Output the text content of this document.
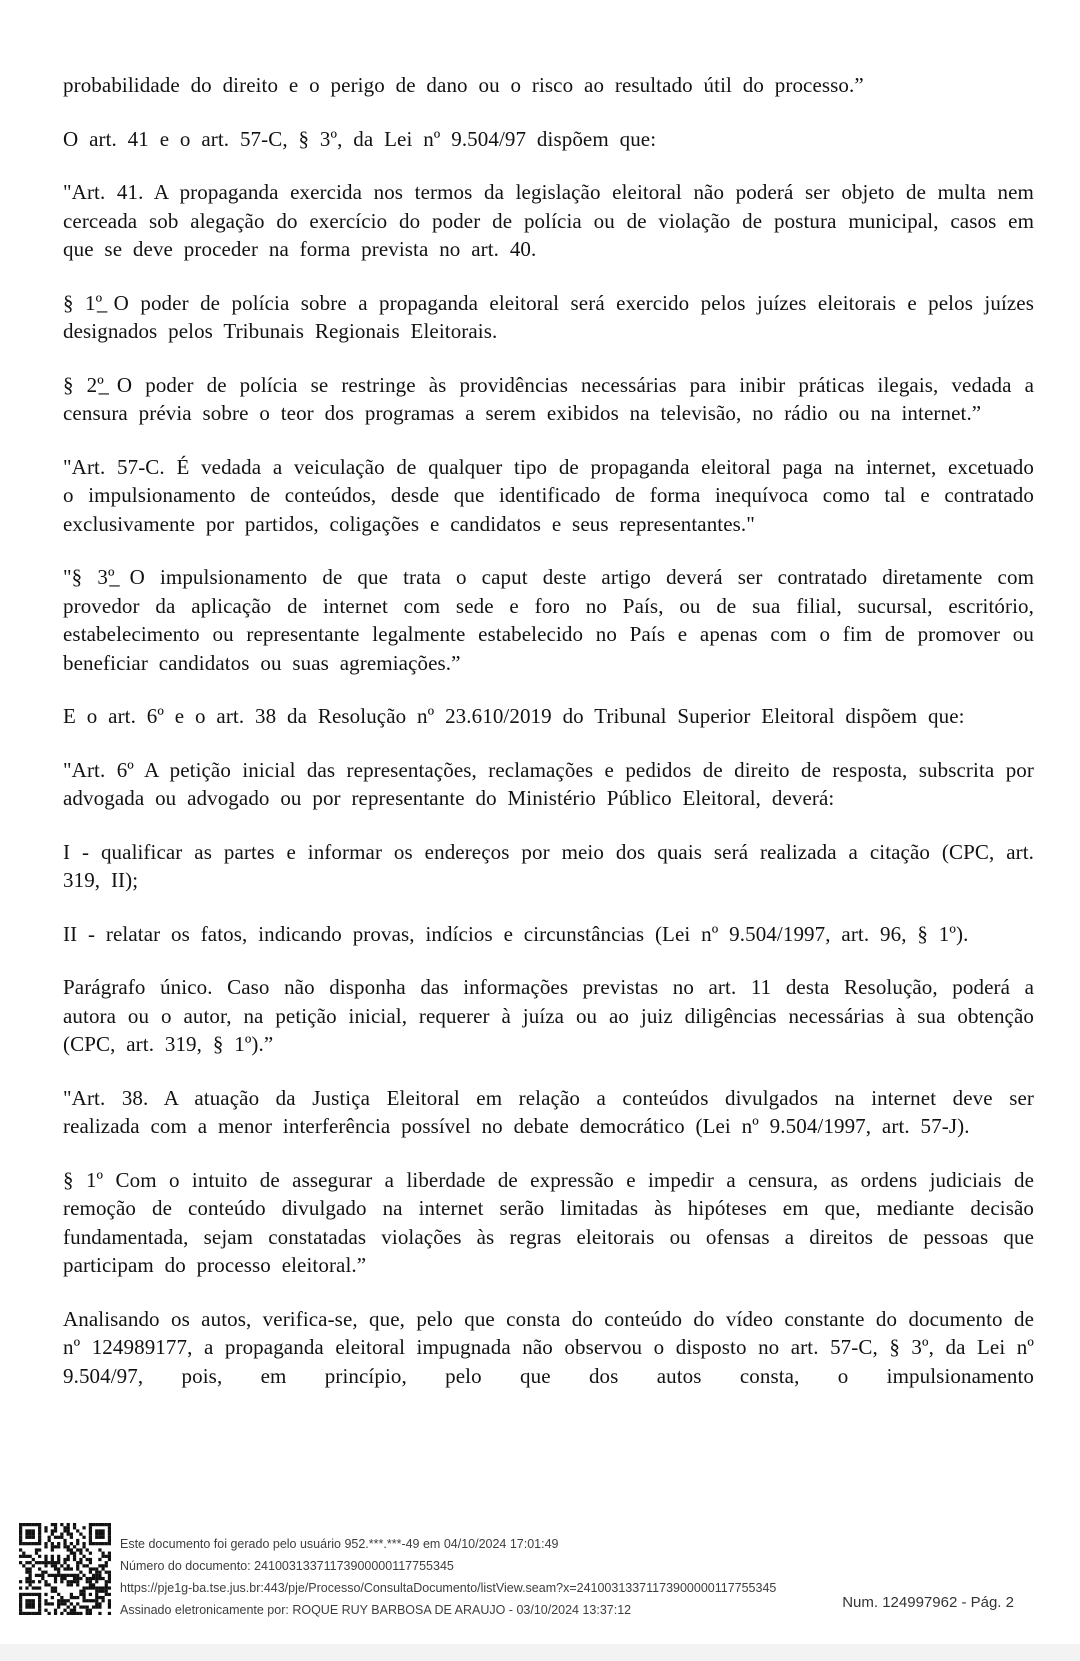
probabilidade do direito e o perigo de dano ou o risco ao resultado útil do processo.”

O art. 41 e o art. 57-C, § 3º, da Lei nº 9.504/97 dispõem que:

"Art. 41. A propaganda exercida nos termos da legislação eleitoral não poderá ser objeto de multa nem cerceada sob alegação do exercício do poder de polícia ou de violação de postura municipal, casos em que se deve proceder na forma prevista no art. 40.

§ 1º̲ O poder de polícia sobre a propaganda eleitoral será exercido pelos juízes eleitorais e pelos juízes designados pelos Tribunais Regionais Eleitorais.

§ 2º̲ O poder de polícia se restringe às providências necessárias para inibir práticas ilegais, vedada a censura prévia sobre o teor dos programas a serem exibidos na televisão, no rádio ou na internet.”

"Art. 57-C. É vedada a veiculação de qualquer tipo de propaganda eleitoral paga na internet, excetuado o impulsionamento de conteúdos, desde que identificado de forma inequívoca como tal e contratado exclusivamente por partidos, coligações e candidatos e seus representantes."

"§ 3º̲ O impulsionamento de que trata o caput deste artigo deverá ser contratado diretamente com provedor da aplicação de internet com sede e foro no País, ou de sua filial, sucursal, escritório, estabelecimento ou representante legalmente estabelecido no País e apenas com o fim de promover ou beneficiar candidatos ou suas agremiações.”

E o art. 6º e o art. 38 da Resolução nº 23.610/2019 do Tribunal Superior Eleitoral dispõem que:

"Art. 6º A petição inicial das representações, reclamações e pedidos de direito de resposta, subscrita por advogada ou advogado ou por representante do Ministério Público Eleitoral, deverá:

I - qualificar as partes e informar os endereços por meio dos quais será realizada a citação (CPC, art. 319, II);

II - relatar os fatos, indicando provas, indícios e circunstâncias (Lei nº 9.504/1997, art. 96, § 1º).

Parágrafo único. Caso não disponha das informações previstas no art. 11 desta Resolução, poderá a autora ou o autor, na petição inicial, requerer à juíza ou ao juiz diligências necessárias à sua obtenção (CPC, art. 319, § 1º).”

"Art. 38. A atuação da Justiça Eleitoral em relação a conteúdos divulgados na internet deve ser realizada com a menor interferência possível no debate democrático (Lei nº 9.504/1997, art. 57-J).

§ 1º Com o intuito de assegurar a liberdade de expressão e impedir a censura, as ordens judiciais de remoção de conteúdo divulgado na internet serão limitadas às hipóteses em que, mediante decisão fundamentada, sejam constatadas violações às regras eleitorais ou ofensas a direitos de pessoas que participam do processo eleitoral.”

Analisando os autos, verifica-se, que, pelo que consta do conteúdo do vídeo constante do documento de nº 124989177, a propaganda eleitoral impugnada não observou o disposto no art. 57-C, § 3º, da Lei nº 9.504/97, pois, em princípio, pelo que dos autos consta, o impulsionamento

Este documento foi gerado pelo usuário 952.***.***-49 em 04/10/2024 17:01:49
Número do documento: 24100313371173900000117755345
https://pje1g-ba.tse.jus.br:443/pje/Processo/ConsultaDocumento/listView.seam?x=24100313371173900000117755345
Assinado eletronicamente por: ROQUE RUY BARBOSA DE ARAUJO - 03/10/2024 13:37:12	Num. 124997962 - Pág. 2
